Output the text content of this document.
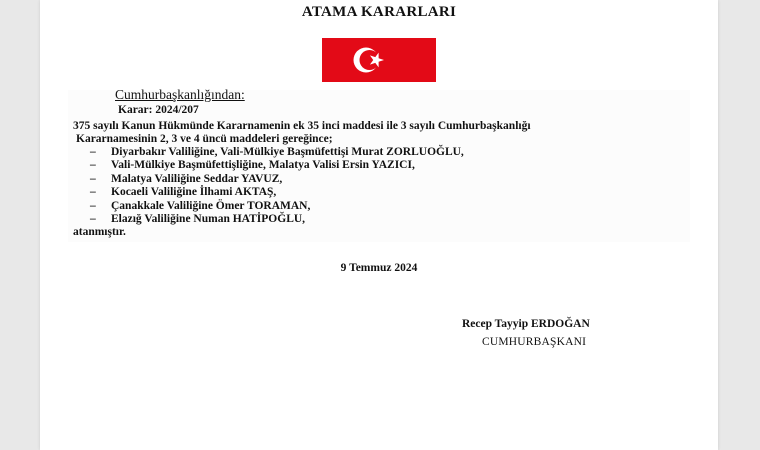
ATAMA KARARLARI
Cumhurbaşkanlığından:
Karar: 2024/207
375 sayılı Kanun Hükmünde Kararnamenin ek 35 inci maddesi ile 3 sayılı Cumhurbaşkanlığı
Kararnamesinin 2, 3 ve 4 üncü maddeleri gereğince;
–	Diyarbakır Valiliğine, Vali-Mülkiye Başmüfettişi Murat ZORLUOĞLU,
–	Vali-Mülkiye Başmüfettişliğine, Malatya Valisi Ersin YAZICI,
–	Malatya Valiliğine Seddar YAVUZ,
–	Kocaeli Valiliğine İlhami AKTAŞ,
–	Çanakkale Valiliğine Ömer TORAMAN,
–	Elazığ Valiliğine Numan HATİPOĞLU,
atanmıştır.
9 Temmuz 2024
Recep Tayyip ERDOĞAN
CUMHURBAŞKANI
